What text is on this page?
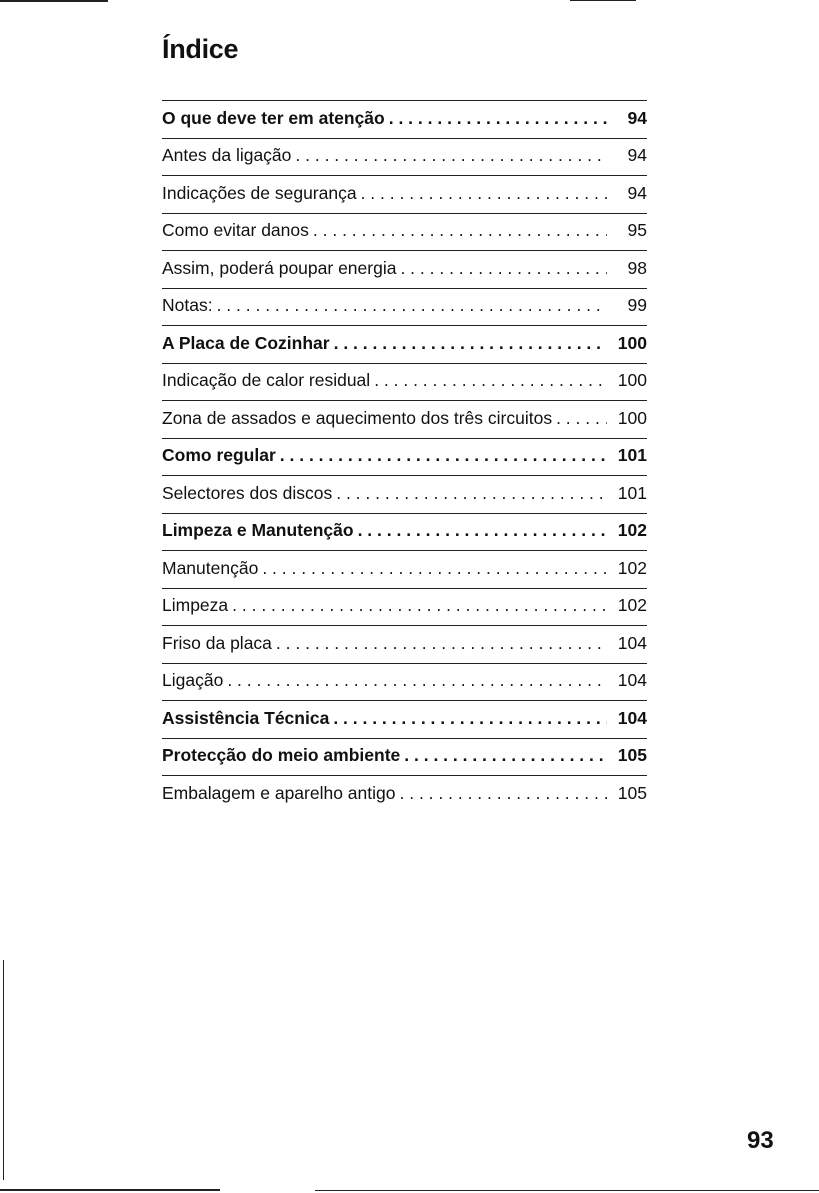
Índice
O que deve ter em atenção . . .	94
Antes da ligação . . .	94
Indicações de segurança . . .	94
Como evitar danos . . .	95
Assim, poderá poupar energia . . .	98
Notas: . . .	99
A Placa de Cozinhar . . .	100
Indicação de calor residual . . .	100
Zona de assados e aquecimento dos três circuitos . . .	100
Como regular . . .	101
Selectores dos discos . . .	101
Limpeza e Manutenção . . .	102
Manutenção . . .	102
Limpeza . . .	102
Friso da placa . . .	104
Ligação . . .	104
Assistência Técnica . . .	104
Protecção do meio ambiente . . .	105
Embalagem e aparelho antigo . . .	105
93
